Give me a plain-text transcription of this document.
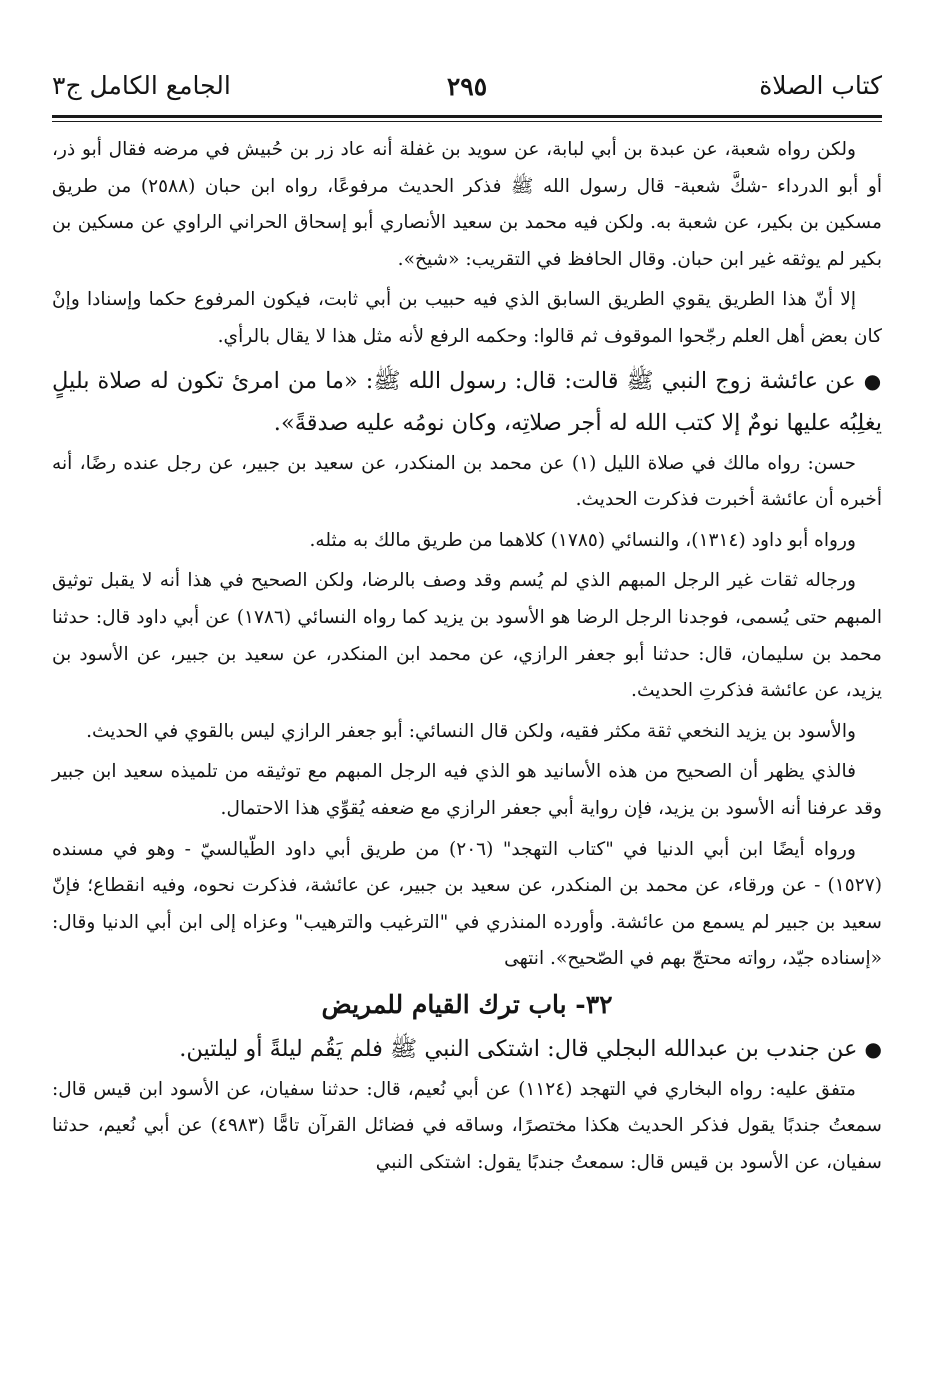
كتاب الصلاة
٢٩٥
الجامع الكامل ج٣

ولكن رواه شعبة، عن عبدة بن أبي لبابة، عن سويد بن غفلة أنه عاد زر بن حُبيش في مرضه فقال أبو ذر، أو أبو الدرداء -شكَّ شعبة- قال رسول الله ﷺ فذكر الحديث مرفوعًا، رواه ابن حبان (٢٥٨٨) من طريق مسكين بن بكير، عن شعبة به. ولكن فيه محمد بن سعيد الأنصاري أبو إسحاق الحراني الراوي عن مسكين بن بكير لم يوثقه غير ابن حبان. وقال الحافظ في التقريب: «شيخ».

إلا أنّ هذا الطريق يقوي الطريق السابق الذي فيه حبيب بن أبي ثابت، فيكون المرفوع حكما وإسنادا وإنْ كان بعض أهل العلم رجّحوا الموقوف ثم قالوا: وحكمه الرفع لأنه مثل هذا لا يقال بالرأي.

● عن عائشة زوج النبي ﷺ قالت: قال: رسول الله ﷺ: «ما من امرئ تكون له صلاة بليلٍ يغلِبُه عليها نومٌ إلا كتب الله له أجر صلاتِه، وكان نومُه عليه صدقةً».

حسن: رواه مالك في صلاة الليل (١) عن محمد بن المنكدر، عن سعيد بن جبير، عن رجل عنده رضًا، أنه أخبره أن عائشة أخبرت فذكرت الحديث.

ورواه أبو داود (١٣١٤)، والنسائي (١٧٨٥) كلاهما من طريق مالك به مثله.

ورجاله ثقات غير الرجل المبهم الذي لم يُسم وقد وصف بالرضا، ولكن الصحيح في هذا أنه لا يقبل توثيق المبهم حتى يُسمى، فوجدنا الرجل الرضا هو الأسود بن يزيد كما رواه النسائي (١٧٨٦) عن أبي داود قال: حدثنا محمد بن سليمان، قال: حدثنا أبو جعفر الرازي، عن محمد ابن المنكدر، عن سعيد بن جبير، عن الأسود بن يزيد، عن عائشة فذكرتِ الحديث.

والأسود بن يزيد النخعي ثقة مكثر فقيه، ولكن قال النسائي: أبو جعفر الرازي ليس بالقوي في الحديث.

فالذي يظهر أن الصحيح من هذه الأسانيد هو الذي فيه الرجل المبهم مع توثيقه من تلميذه سعيد ابن جبير وقد عرفنا أنه الأسود بن يزيد، فإن رواية أبي جعفر الرازي مع ضعفه يُقوِّي هذا الاحتمال.

ورواه أيضًا ابن أبي الدنيا في "كتاب التهجد" (٢٠٦) من طريق أبي داود الطّيالسيّ - وهو في مسنده (١٥٢٧) - عن ورقاء، عن محمد بن المنكدر، عن سعيد بن جبير، عن عائشة، فذكرت نحوه، وفيه انقطاع؛ فإنّ سعيد بن جبير لم يسمع من عائشة. وأورده المنذري في "الترغيب والترهيب" وعزاه إلى ابن أبي الدنيا وقال: «إسناده جيّد، رواته محتجّ بهم في الصّحيح». انتهى

٣٢- باب ترك القيام للمريض

● عن جندب بن عبدالله البجلي قال: اشتكى النبي ﷺ فلم يَقُم ليلةً أو ليلتين.

متفق عليه: رواه البخاري في التهجد (١١٢٤) عن أبي نُعيم، قال: حدثنا سفيان، عن الأسود ابن قيس قال: سمعتُ جندبًا يقول فذكر الحديث هكذا مختصرًا، وساقه في فضائل القرآن تامًّا (٤٩٨٣) عن أبي نُعيم، حدثنا سفيان، عن الأسود بن قيس قال: سمعتُ جندبًا يقول: اشتكى النبي
